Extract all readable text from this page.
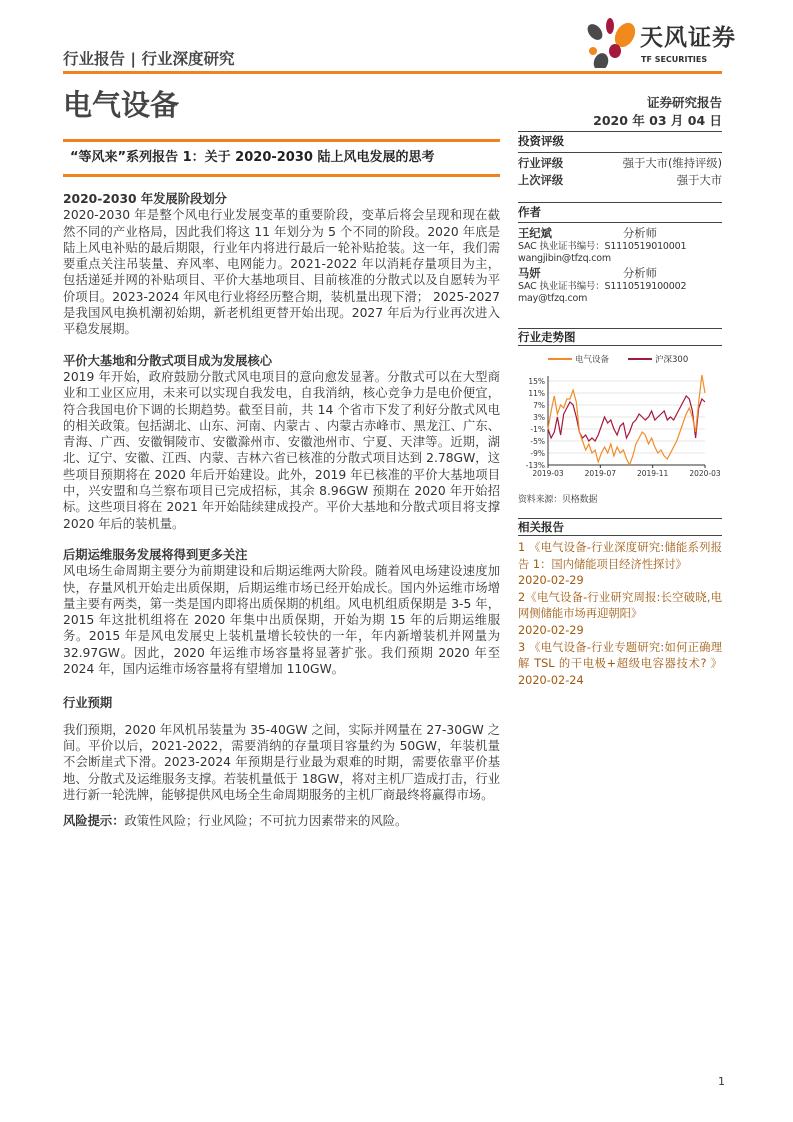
行业报告 | 行业深度研究
天风证券
TF SECURITIES
电气设备	证券研究报告
2020 年 03 月 04 日
“等风来”系列报告 1：关于 2020-2030 陆上风电发展的思考
2020-2030 年发展阶段划分

2020-2030 年是整个风电行业发展变革的重要阶段，变革后将会呈现和现在截然不同的产业格局，因此我们将这 11 年划分为 5 个不同的阶段。2020 年底是陆上风电补贴的最后期限，行业年内将进行最后一轮补贴抢装。这一年，我们需要重点关注吊装量、弃风率、电网能力。2021-2022 年以消耗存量项目为主，包括递延并网的补贴项目、平价大基地项目、目前核准的分散式以及自愿转为平价项目。2023-2024 年风电行业将经历整合期，装机量出现下滑； 2025-2027 是我国风电换机潮初始期，新老机组更替开始出现。2027 年后为行业再次进入平稳发展期。

平价大基地和分散式项目成为发展核心

2019 年开始，政府鼓励分散式风电项目的意向愈发显著。分散式可以在大型商业和工业区应用，未来可以实现自我发电，自我消纳，核心竞争力是电价便宜，符合我国电价下调的长期趋势。截至目前，共 14 个省市下发了利好分散式风电的相关政策。包括湖北、山东、河南、内蒙古 、内蒙古赤峰市、黑龙江、广东、青海、广西、安徽铜陵市、安徽滁州市、安徽池州市、宁夏、天津等。近期，湖北、辽宁、安徽、江西、内蒙、吉林六省已核准的分散式项目达到 2.78GW，这些项目预期将在 2020 年后开始建设。此外，2019 年已核准的平价大基地项目中，兴安盟和乌兰察布项目已完成招标，其余 8.96GW 预期在 2020 年开始招标。这些项目将在 2021 年开始陆续建成投产。平价大基地和分散式项目将支撑 2020 年后的装机量。

后期运维服务发展将得到更多关注

风电场生命周期主要分为前期建设和后期运维两大阶段。随着风电场建设速度加快，存量风机开始走出质保期，后期运维市场已经开始成长。国内外运维市场增量主要有两类，第一类是国内即将出质保期的机组。风电机组质保期是 3-5 年， 2015 年这批机组将在 2020 年集中出质保期，开始为期 15 年的后期运维服务。2015 年是风电发展史上装机量增长较快的一年，年内新增装机并网量为 32.97GW。因此，2020 年运维市场容量将显著扩张。我们预期 2020 年至 2024 年，国内运维市场容量将有望增加 110GW。

行业预期

我们预期，2020 年风机吊装量为 35-40GW 之间，实际并网量在 27-30GW 之间。平价以后，2021-2022，需要消纳的存量项目容量约为 50GW，年装机量不会断崖式下滑。2023-2024 年预期是行业最为艰难的时期，需要依靠平价基地、分散式及运维服务支撑。若装机量低于 18GW，将对主机厂造成打击，行业进行新一轮洗牌，能够提供风电场全生命周期服务的主机厂商最终将赢得市场。

风险提示：政策性风险；行业风险；不可抗力因素带来的风险。
投资评级
行业评级	强于大市(维持评级)
上次评级	强于大市
作者
王纪斌	分析师
SAC 执业证书编号：S1110519010001
wangjibin@tfzq.com
马妍	分析师
SAC 执业证书编号：S1110519100002
may@tfzq.com
行业走势图
15%
11%
7%
3%
-1%
-5%
-9%
-13%
2019-03	2019-07	2019-11	2020-03
电气设备	沪深300
资料来源：贝格数据
相关报告
1 《电气设备-行业深度研究:储能系列报告 1：国内储能项目经济性探讨》
2020-02-29
2《电气设备-行业研究周报:长空破晓,电网侧储能市场再迎朝阳》
2020-02-29
3 《电气设备-行业专题研究:如何正确理解 TSL 的干电极+超级电容器技术? 》 2020-02-24
1
